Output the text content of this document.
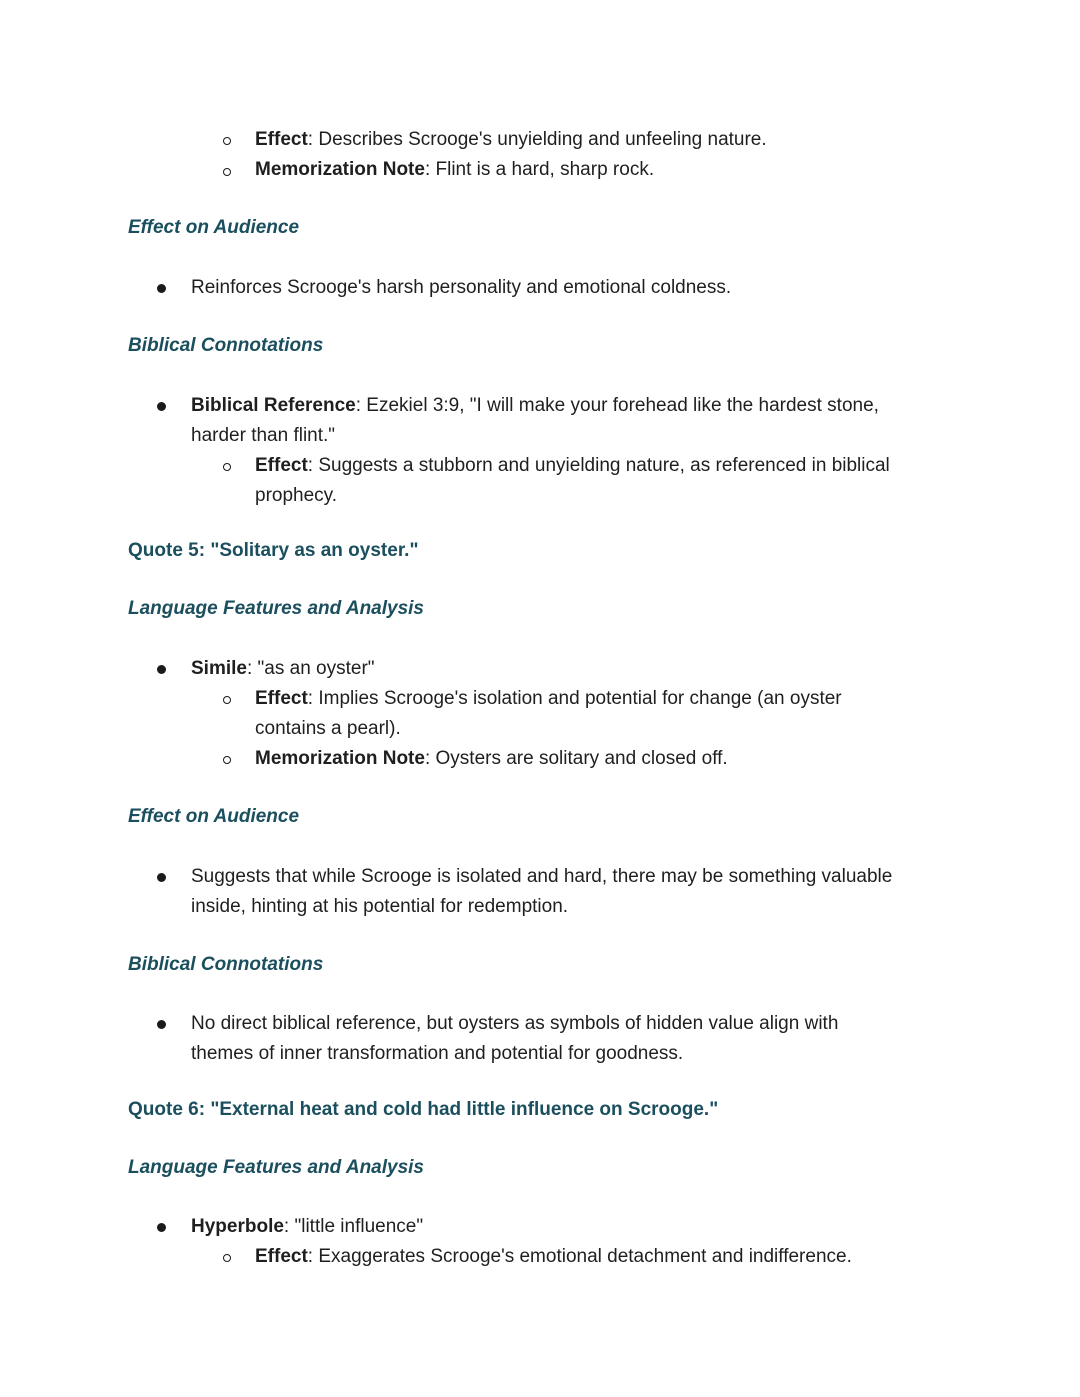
Effect: Describes Scrooge's unyielding and unfeeling nature.
Memorization Note: Flint is a hard, sharp rock.
Effect on Audience
Reinforces Scrooge's harsh personality and emotional coldness.
Biblical Connotations
Biblical Reference: Ezekiel 3:9, "I will make your forehead like the hardest stone,
harder than flint."
Effect: Suggests a stubborn and unyielding nature, as referenced in biblical
prophecy.
Quote 5: "Solitary as an oyster."
Language Features and Analysis
Simile: "as an oyster"
Effect: Implies Scrooge's isolation and potential for change (an oyster
contains a pearl).
Memorization Note: Oysters are solitary and closed off.
Effect on Audience
Suggests that while Scrooge is isolated and hard, there may be something valuable
inside, hinting at his potential for redemption.
Biblical Connotations
No direct biblical reference, but oysters as symbols of hidden value align with
themes of inner transformation and potential for goodness.
Quote 6: "External heat and cold had little influence on Scrooge."
Language Features and Analysis
Hyperbole: "little influence"
Effect: Exaggerates Scrooge's emotional detachment and indifference.
